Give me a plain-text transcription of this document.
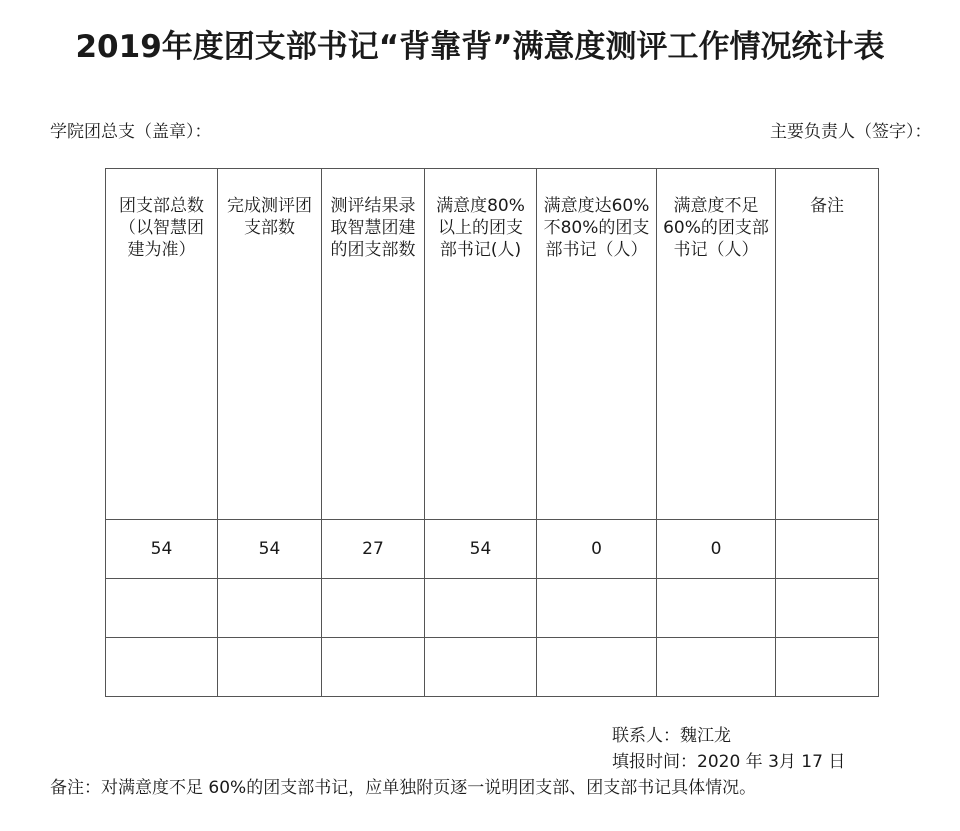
2019年度团支部书记“背靠背”满意度测评工作情况统计表
学院团总支（盖章）：	主要负责人（签字）：
团支部总数（以智慧团建为准）	完成测评团支部数	测评结果录取智慧团建的团支部数	满意度80%以上的团支部书记(人)	满意度达60%不80%的团支部书记（人）	满意度不足 60%的团支部书记（人）	备注

54	54	27	54	0	0	

联系人：魏江龙
填报时间：2020 年 3月 17 日
备注：对满意度不足 60%的团支部书记，应单独附页逐一说明团支部、团支部书记具体情况。
